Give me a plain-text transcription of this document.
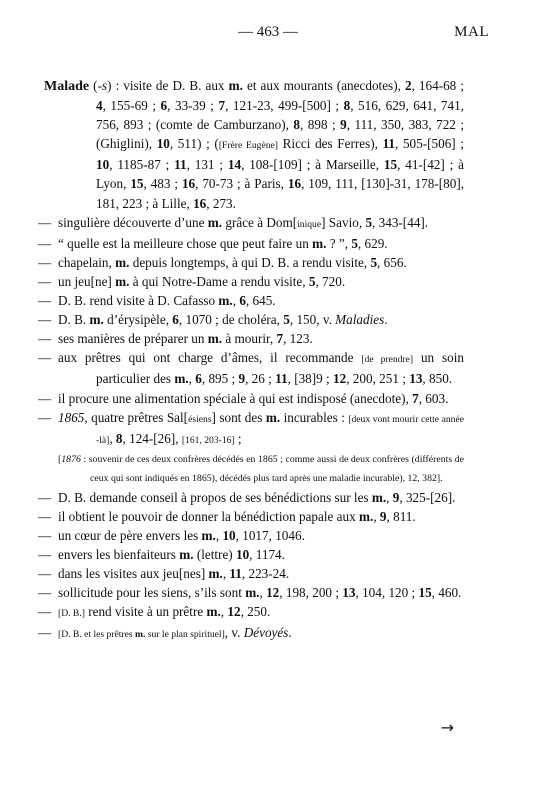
— 463 —	MAL
Malade (-s) : visite de D. B. aux m. et aux mourants (anecdotes), 2, 164-68 ; 4, 155-69 ; 6, 33-39 ; 7, 121-23, 499-[500] ; 8, 516, 629, 641, 741, 756, 893 ; (comte de Camburzano), 8, 898 ; 9, 111, 350, 383, 722 ; (Ghiglini), 10, 511) ; ([Frère Eugène] Ricci des Ferres), 11, 505-[506] ; 10, 1185-87 ; 11, 131 ; 14, 108-[109] ; à Marseille, 15, 41-[42] ; à Lyon, 15, 483 ; 16, 70-73 ; à Paris, 16, 109, 111, [130]-31, 178-[80], 181, 223 ; à Lille, 16, 273.
— singulière découverte d’une m. grâce à Dom[inique] Savio, 5, 343-[44].
— “ quelle est la meilleure chose que peut faire un m. ? ”, 5, 629.
— chapelain, m. depuis longtemps, à qui D. B. a rendu visite, 5, 656.
— un jeu[ne] m. à qui Notre-Dame a rendu visite, 5, 720.
— D. B. rend visite à D. Cafasso m., 6, 645.
— D. B. m. d’érysipèle, 6, 1070 ; de choléra, 5, 150, v. Maladies.
— ses manières de préparer un m. à mourir, 7, 123.
— aux prêtres qui ont charge d’âmes, il recommande [de prendre] un soin particulier des m., 6, 895 ; 9, 26 ; 11, [38]9 ; 12, 200, 251 ; 13, 850.
— il procure une alimentation spéciale à qui est indisposé (anecdote), 7, 603.
— 1865, quatre prêtres Sal[ésiens] sont des m. incurables : [deux vont mourir cette année -là], 8, 124-[26], [161, 203-16] ;
[1876 : souvenir de ces deux confrères décédés en 1865 ; comme aussi de deux confrères (différents de ceux qui sont indiqués en 1865), décédés plus tard après une maladie incurable), 12, 382].
— D. B. demande conseil à propos de ses bénédictions sur les m., 9, 325-[26].
— il obtient le pouvoir de donner la bénédiction papale aux m., 9, 811.
— un cœur de père envers les m., 10, 1017, 1046.
— envers les bienfaiteurs m. (lettre) 10, 1174.
— dans les visites aux jeu[nes] m., 11, 223-24.
— sollicitude pour les siens, s’ils sont m., 12, 198, 200 ; 13, 104, 120 ; 15, 460.
— [D. B.] rend visite à un prêtre m., 12, 250.
— [D. B. et les prêtres m. sur le plan spirituel], v. Dévoyés.
→
